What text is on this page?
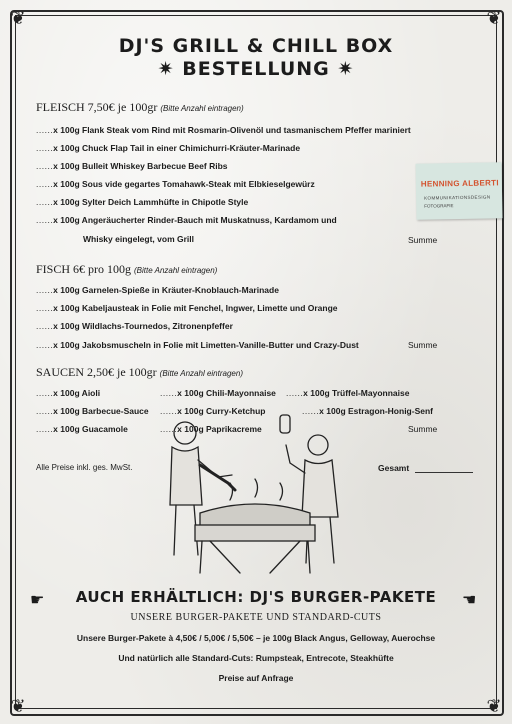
❦	❦
❦	❦
DJ'S GRILL & CHILL BOX
✷ BESTELLUNG ✷
FLEISCH 7,50€ je 100gr (Bitte Anzahl eintragen)
......x 100g Flank Steak vom Rind mit Rosmarin-Olivenöl und tasmanischem Pfeffer mariniert
......x 100g Chuck Flap Tail in einer Chimichurri-Kräuter-Marinade
......x 100g Bulleit Whiskey Barbecue Beef Ribs
......x 100g Sous vide gegartes Tomahawk-Steak mit Elbkieselgewürz
......x 100g Sylter Deich Lammhüfte in Chipotle Style
......x 100g Angeräucherter Rinder-Bauch mit Muskatnuss, Kardamom und
Whisky eingelegt, vom Grill	Summe
FISCH 6€ pro 100g (Bitte Anzahl eintragen)
......x 100g Garnelen-Spieße in Kräuter-Knoblauch-Marinade
......x 100g Kabeljausteak in Folie mit Fenchel, Ingwer, Limette und Orange
......x 100g Wildlachs-Tournedos, Zitronenpfeffer
......x 100g Jakobsmuscheln in Folie mit Limetten-Vanille-Butter und Crazy-Dust	Summe
SAUCEN 2,50€ je 100gr (Bitte Anzahl eintragen)
......x 100g Aioli	......x 100g Chili-Mayonnaise ......x 100g Trüffel-Mayonnaise
......x 100g Barbecue-Sauce ......x 100g Curry-Ketchup	......x 100g Estragon-Honig-Senf
......x 100g Guacamole	......x 100g Paprikacreme	Summe
Alle Preise inkl. ges. MwSt.	Gesamt
HENNING ALBERTI
KOMMUNIKATIONSDESIGN
FOTOGRAFIE
☛	☚
AUCH ERHÄLTLICH: DJ'S BURGER-PAKETE
UNSERE BURGER-PAKETE UND STANDARD-CUTS
Unsere Burger-Pakete à 4,50€ / 5,00€ / 5,50€ – je 100g Black Angus, Gelloway, Auerochse
Und natürlich alle Standard-Cuts: Rumpsteak, Entrecote, Steakhüfte
Preise auf Anfrage
